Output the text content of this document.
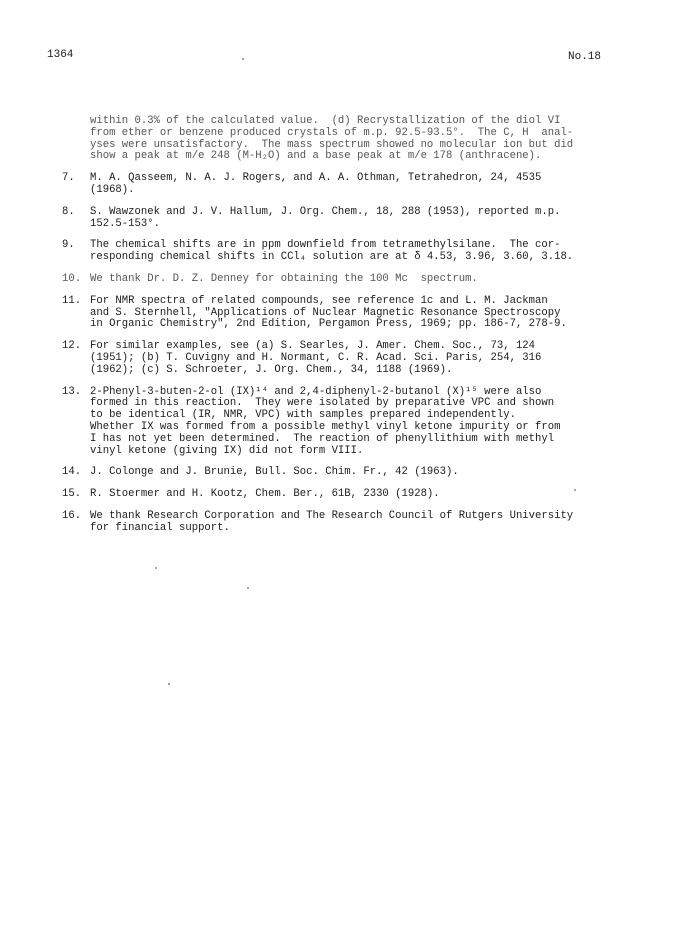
1364	No.18
within 0.3% of the calculated value.  (d) Recrystallization of the diol VI
from ether or benzene produced crystals of m.p. 92.5-93.5°.  The C, H  anal-
yses were unsatisfactory.  The mass spectrum showed no molecular ion but did
show a peak at m/e 248 (M-H₂O) and a base peak at m/e 178 (anthracene).
7.	M. A. Qasseem, N. A. J. Rogers, and A. A. Othman, Tetrahedron, 24, 4535
(1968).
8.	S. Wawzonek and J. V. Hallum, J. Org. Chem., 18, 288 (1953), reported m.p.
152.5-153°.
9.	The chemical shifts are in ppm downfield from tetramethylsilane.  The cor-
responding chemical shifts in CCl₄ solution are at δ 4.53, 3.96, 3.60, 3.18.
10. We thank Dr. D. Z. Denney for obtaining the 100 Mc  spectrum.
11. For NMR spectra of related compounds, see reference 1c and L. M. Jackman
and S. Sternhell, "Applications of Nuclear Magnetic Resonance Spectroscopy
in Organic Chemistry", 2nd Edition, Pergamon Press, 1969; pp. 186-7, 278-9.
12. For similar examples, see (a) S. Searles, J. Amer. Chem. Soc., 73, 124
(1951); (b) T. Cuvigny and H. Normant, C. R. Acad. Sci. Paris, 254, 316
(1962); (c) S. Schroeter, J. Org. Chem., 34, 1188 (1969).
13. 2-Phenyl-3-buten-2-ol (IX)¹⁴ and 2,4-diphenyl-2-butanol (X)¹⁵ were also
formed in this reaction.  They were isolated by preparative VPC and shown
to be identical (IR, NMR, VPC) with samples prepared independently.
Whether IX was formed from a possible methyl vinyl ketone impurity or from
I has not yet been determined.  The reaction of phenyllithium with methyl
vinyl ketone (giving IX) did not form VIII.
14. J. Colonge and J. Brunie, Bull. Soc. Chim. Fr., 42 (1963).
15. R. Stoermer and H. Kootz, Chem. Ber., 61B, 2330 (1928).
16. We thank Research Corporation and The Research Council of Rutgers University
for financial support.
